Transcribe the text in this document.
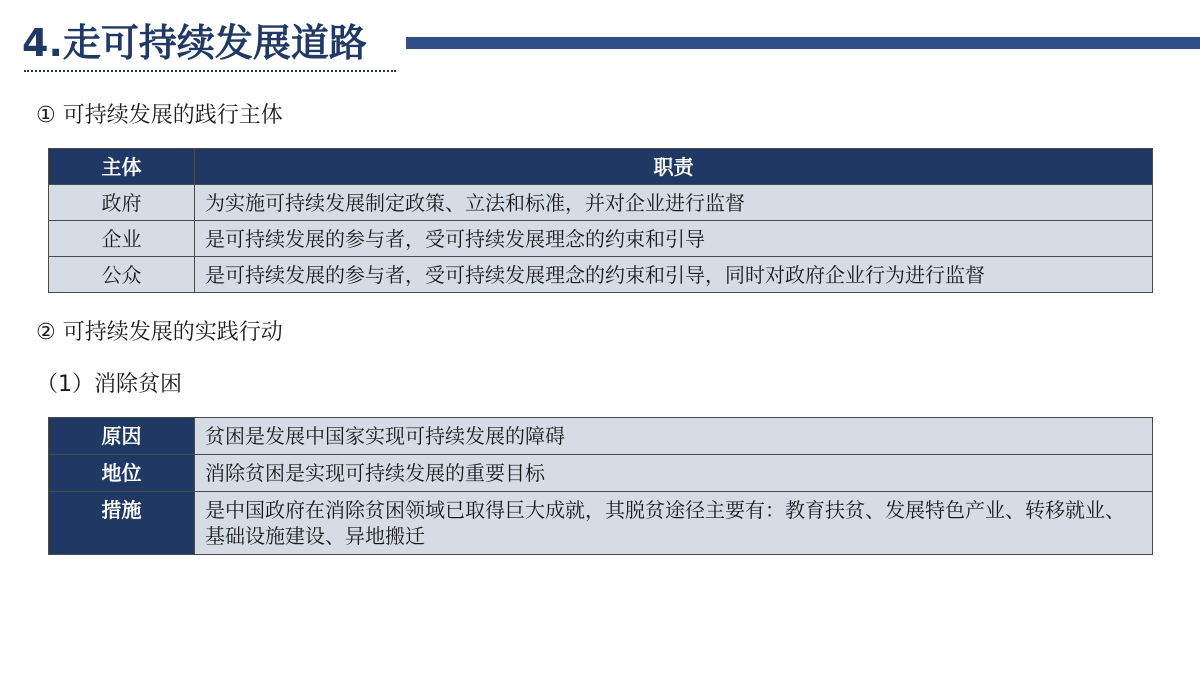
4.走可持续发展道路
① 可持续发展的践行主体
主体	职责
政府	为实施可持续发展制定政策、立法和标准，并对企业进行监督
企业	是可持续发展的参与者，受可持续发展理念的约束和引导
公众	是可持续发展的参与者，受可持续发展理念的约束和引导，同时对政府企业行为进行监督
② 可持续发展的实践行动
（1）消除贫困
原因	贫困是发展中国家实现可持续发展的障碍
地位	消除贫困是实现可持续发展的重要目标
措施	是中国政府在消除贫困领域已取得巨大成就，其脱贫途径主要有：教育扶贫、发展特色产业、转移就业、基础设施建设、异地搬迁
